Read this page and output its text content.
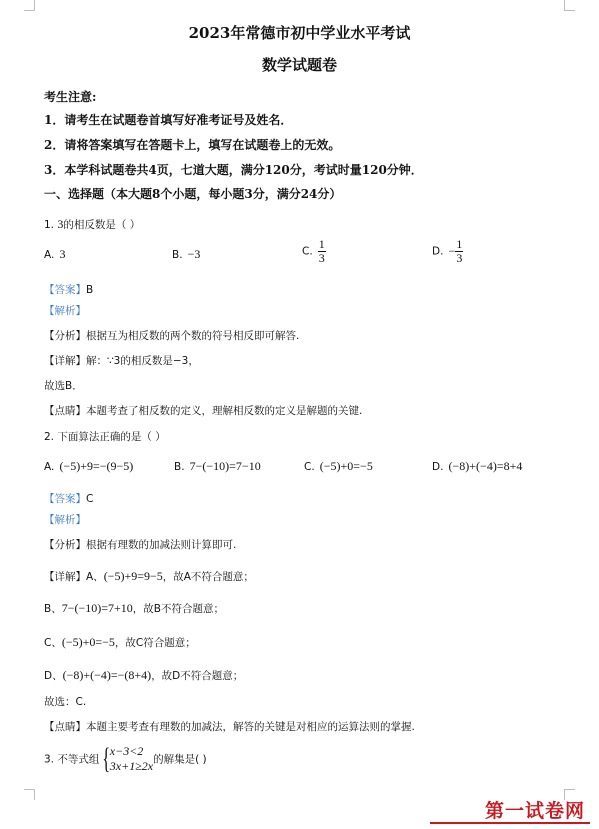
2023年常德市初中学业水平考试
数学试题卷
考生注意:
1．请考生在试题卷首填写好准考证号及姓名．
2．请将答案填写在答题卡上，填写在试题卷上的无效。
3．本学科试题卷共4页，七道大题，满分120分，考试时量120分钟．
一、选择题（本大题8个小题，每小题3分，满分24分）
1. 3的相反数是（ ）
A. 3	B. −3	C. $\frac{1}{3}$	D. − $\frac{1}{3}$
【答案】B
【解析】
【分析】根据互为相反数的两个数的符号相反即可解答.
【详解】解：∵3的相反数是−3，
故选B．
【点睛】本题考查了相反数的定义，理解相反数的定义是解题的关键.
2. 下面算法正确的是（ ）
A. (−5)+9=−(9−5)	B. 7−(−10)=7−10	C. (−5)+0=−5	D. (−8)+(−4)=8+4
【答案】C
【解析】
【分析】根据有理数的加减法则计算即可.
【详解】A、(−5)+9=9−5，故A不符合题意；
B、7−(−10)=7+10，故B不符合题意；
C、(−5)+0=−5，故C符合题意；
D、(−8)+(−4)=−(8+4)，故D不符合题意；
故选：C.
【点睛】本题主要考查有理数的加减法，解答的关键是对相应的运算法则的掌握.
3. 不等式组 { x−3<2
3x+1≥2x 的解集是( )
第一试卷网
